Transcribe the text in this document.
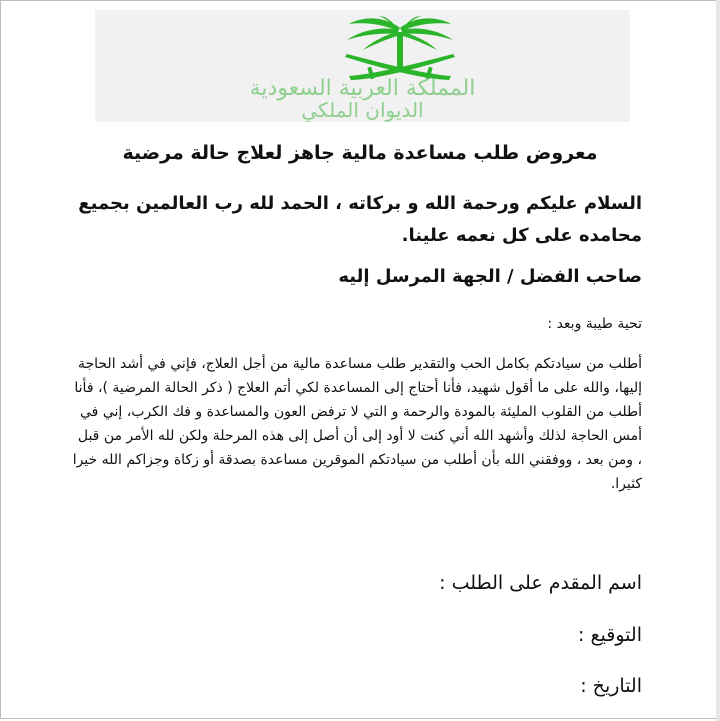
المملكة العربية السعودية
الديوان الملكي
معروض طلب مساعدة مالية جاهز لعلاج حالة مرضية
السلام عليكم ورحمة الله و بركاته ، الحمد لله رب العالمين بجميع محامده على كل نعمه علينا.
صاحب الفضل / الجهة المرسل إليه
تحية طيبة وبعد :
أطلب من سيادتكم بكامل الحب والتقدير طلب مساعدة مالية من أجل العلاج، فإني في أشد الحاجة إليها، والله على ما أقول شهيد، فأنا أحتاج إلى المساعدة لكي أتم العلاج ( ذكر الحالة المرضية )، فأنا أطلب من القلوب المليئة بالمودة والرحمة و التي لا ترفض العون والمساعدة و فك الكرب، إني في أمس الحاجة لذلك وأشهد الله أني كنت لا أود إلى أن أصل إلى هذه المرحلة ولكن لله الأمر من قبل ، ومن بعد ، ووفقني الله بأن أطلب من سيادتكم الموقرين مساعدة بصدقة أو زكاة وجزاكم الله خيرا كثيرا.
اسم المقدم على الطلب :
التوقيع :
التاريخ :
